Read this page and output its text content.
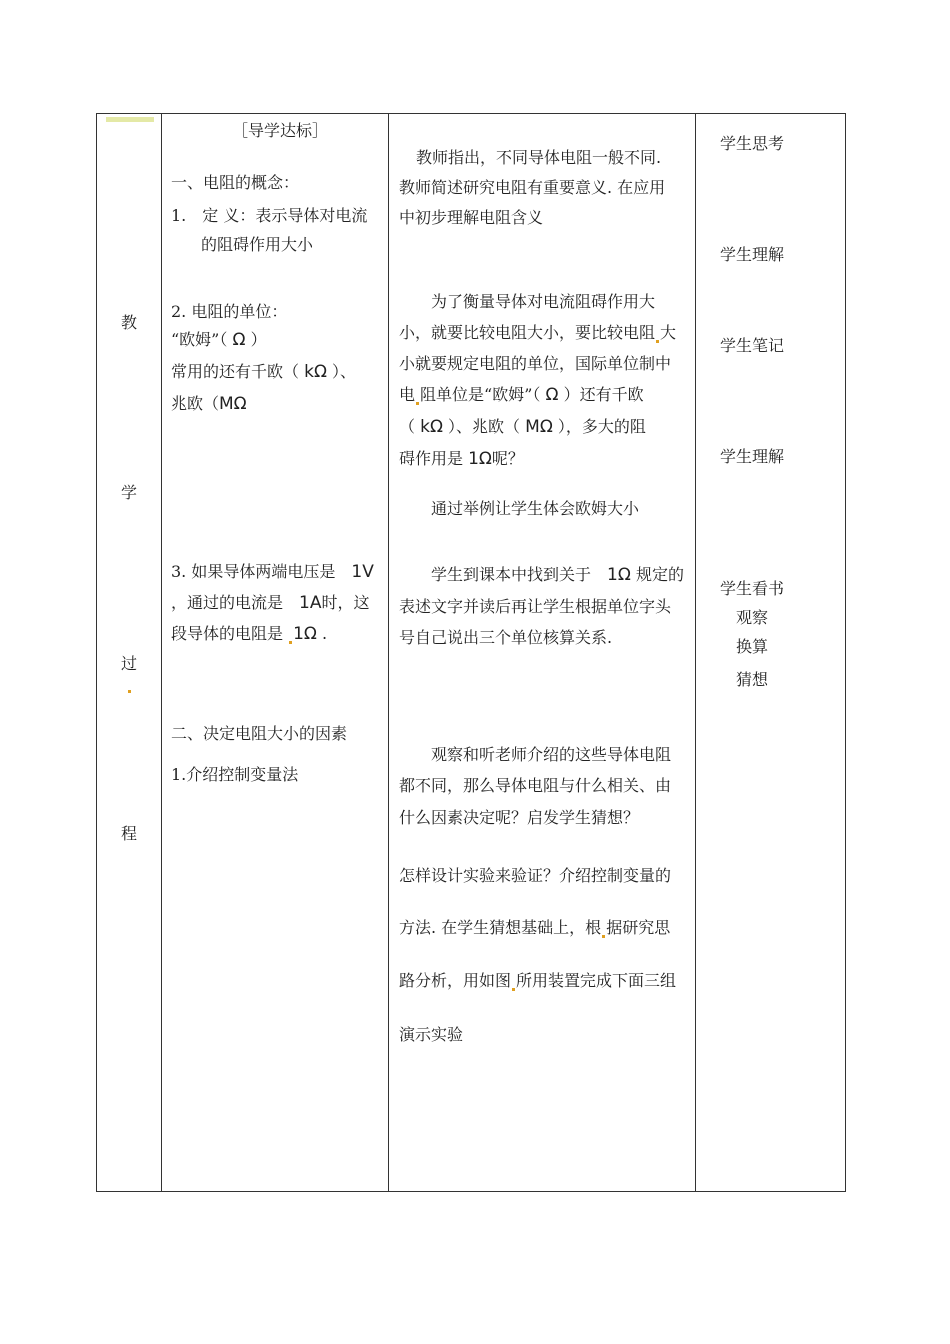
教
学
过
程
［导学达标］
一、电阻的概念：
1.　定 义：表示导体对电流
的阻碍作用大小
2. 电阻的单位：
“欧姆”（ Ω ）
常用的还有千欧（ kΩ ）、
兆欧（MΩ
3. 如果导体两端电压是　 1V
，通过的电流是　 1A时，这
段导体的电阻是 1Ω .
二、决定电阻大小的因素
1.介绍控制变量法
教师指出，不同导体电阻一般不同.
教师简述研究电阻有重要意义. 在应用
中初步理解电阻含义
为了衡量导体对电流阻碍作用大
小，就要比较电阻大小，要比较电阻 大
小就要规定电阻的单位，国际单位制中
电 阻单位是“欧姆”（ Ω ）还有千欧
（ kΩ ）、兆欧（ MΩ ），多大的阻
碍作用是 1Ω呢？
通过举例让学生体会欧姆大小
学生到课本中找到关于　 1Ω 规定的
表述文字并读后再让学生根据单位字头
号自己说出三个单位核算关系.
观察和听老师介绍的这些导体电阻
都不同，那么导体电阻与什么相关、由
什么因素决定呢？启发学生猜想？
怎样设计实验来验证？介绍控制变量的
方法. 在学生猜想基础上，根 据研究思
路分析，用如图 所用装置完成下面三组
演示实验
学生思考
学生理解
学生笔记
学生理解
学生看书
观察
换算
猜想
